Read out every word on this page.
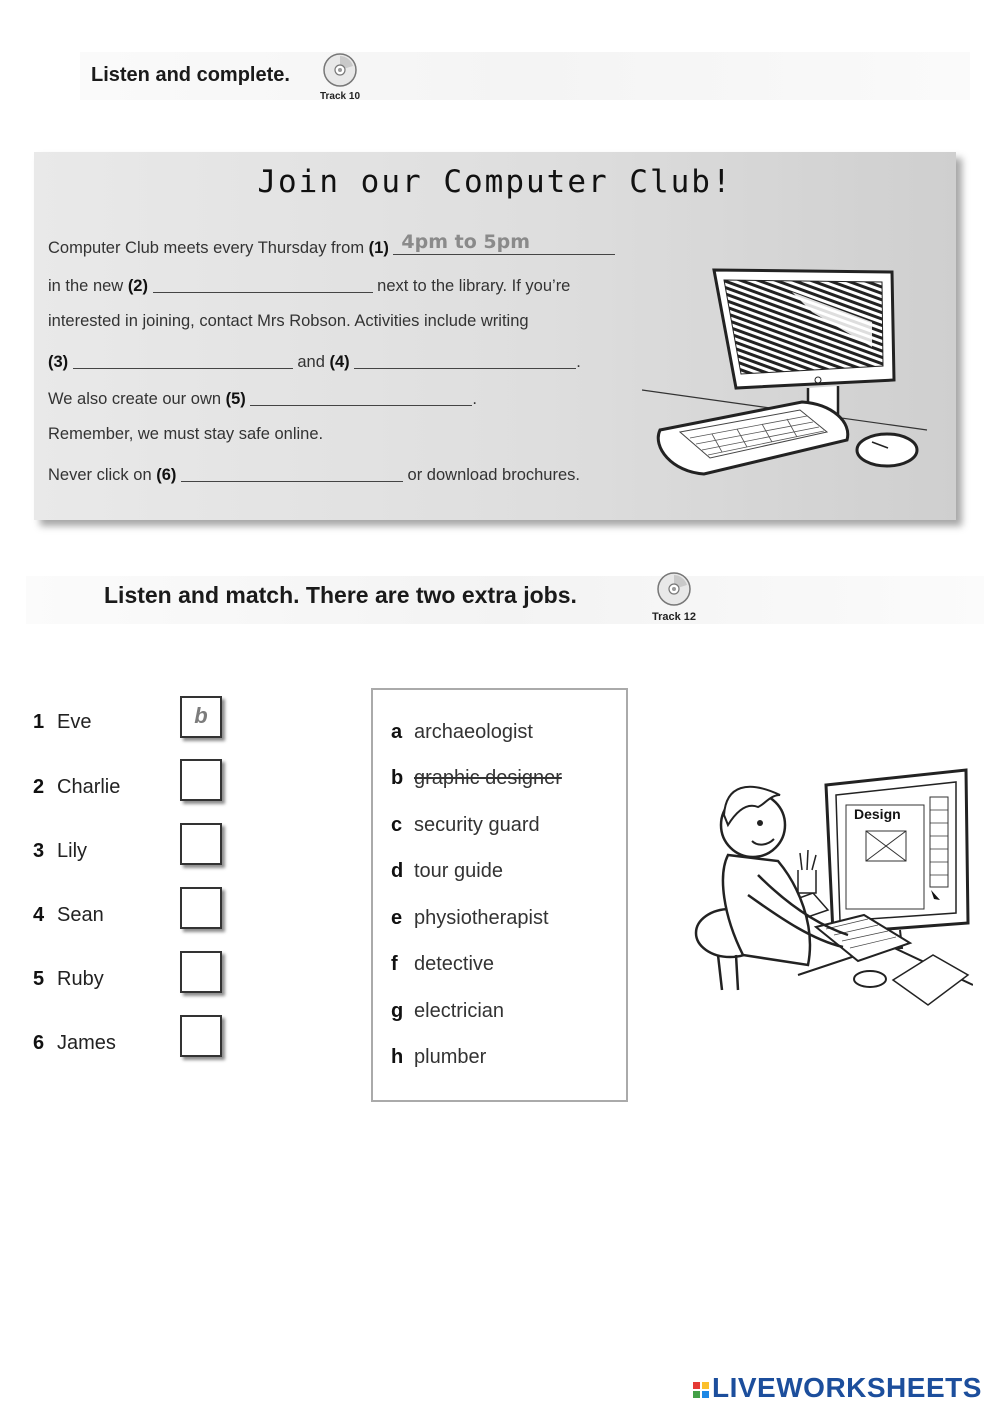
Listen and complete.
Track 10
Join our Computer Club!
Computer Club meets every Thursday from (1) 4pm to 5pm
in the new (2)	next to the library. If you’re
interested in joining, contact Mrs Robson. Activities include writing
(3)	and (4)	.
We also create our own (5)	.
Remember, we must stay safe online.
Never click on (6)	or download brochures.
Listen and match. There are two extra jobs.
Track 12
1 Eve	b
2 Charlie
3 Lily
4 Sean
5 Ruby
6 James
a archaeologist
b graphic designer
c security guard
d tour guide
e physiotherapist
f detective
g electrician
h plumber
Design
LIVEWORKSHEETS
